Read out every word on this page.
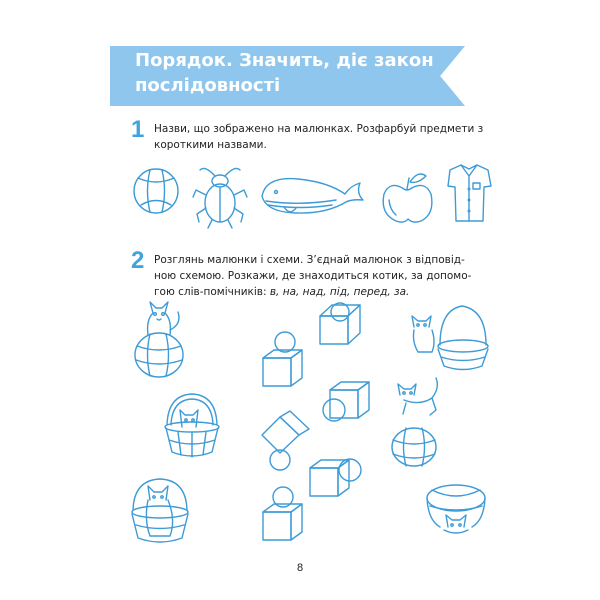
Порядок. Значить, діє закон послідовності
1 Назви, що зображено на малюнках. Розфарбуй предмети з короткими назвами.

2 Розглянь малюнки і схеми. З’єднай малюнок з відповід-
ною схемою. Розкажи, де знаходиться котик, за допомо-
гою слів-помічників: в, на, над, під, перед, за.
8
